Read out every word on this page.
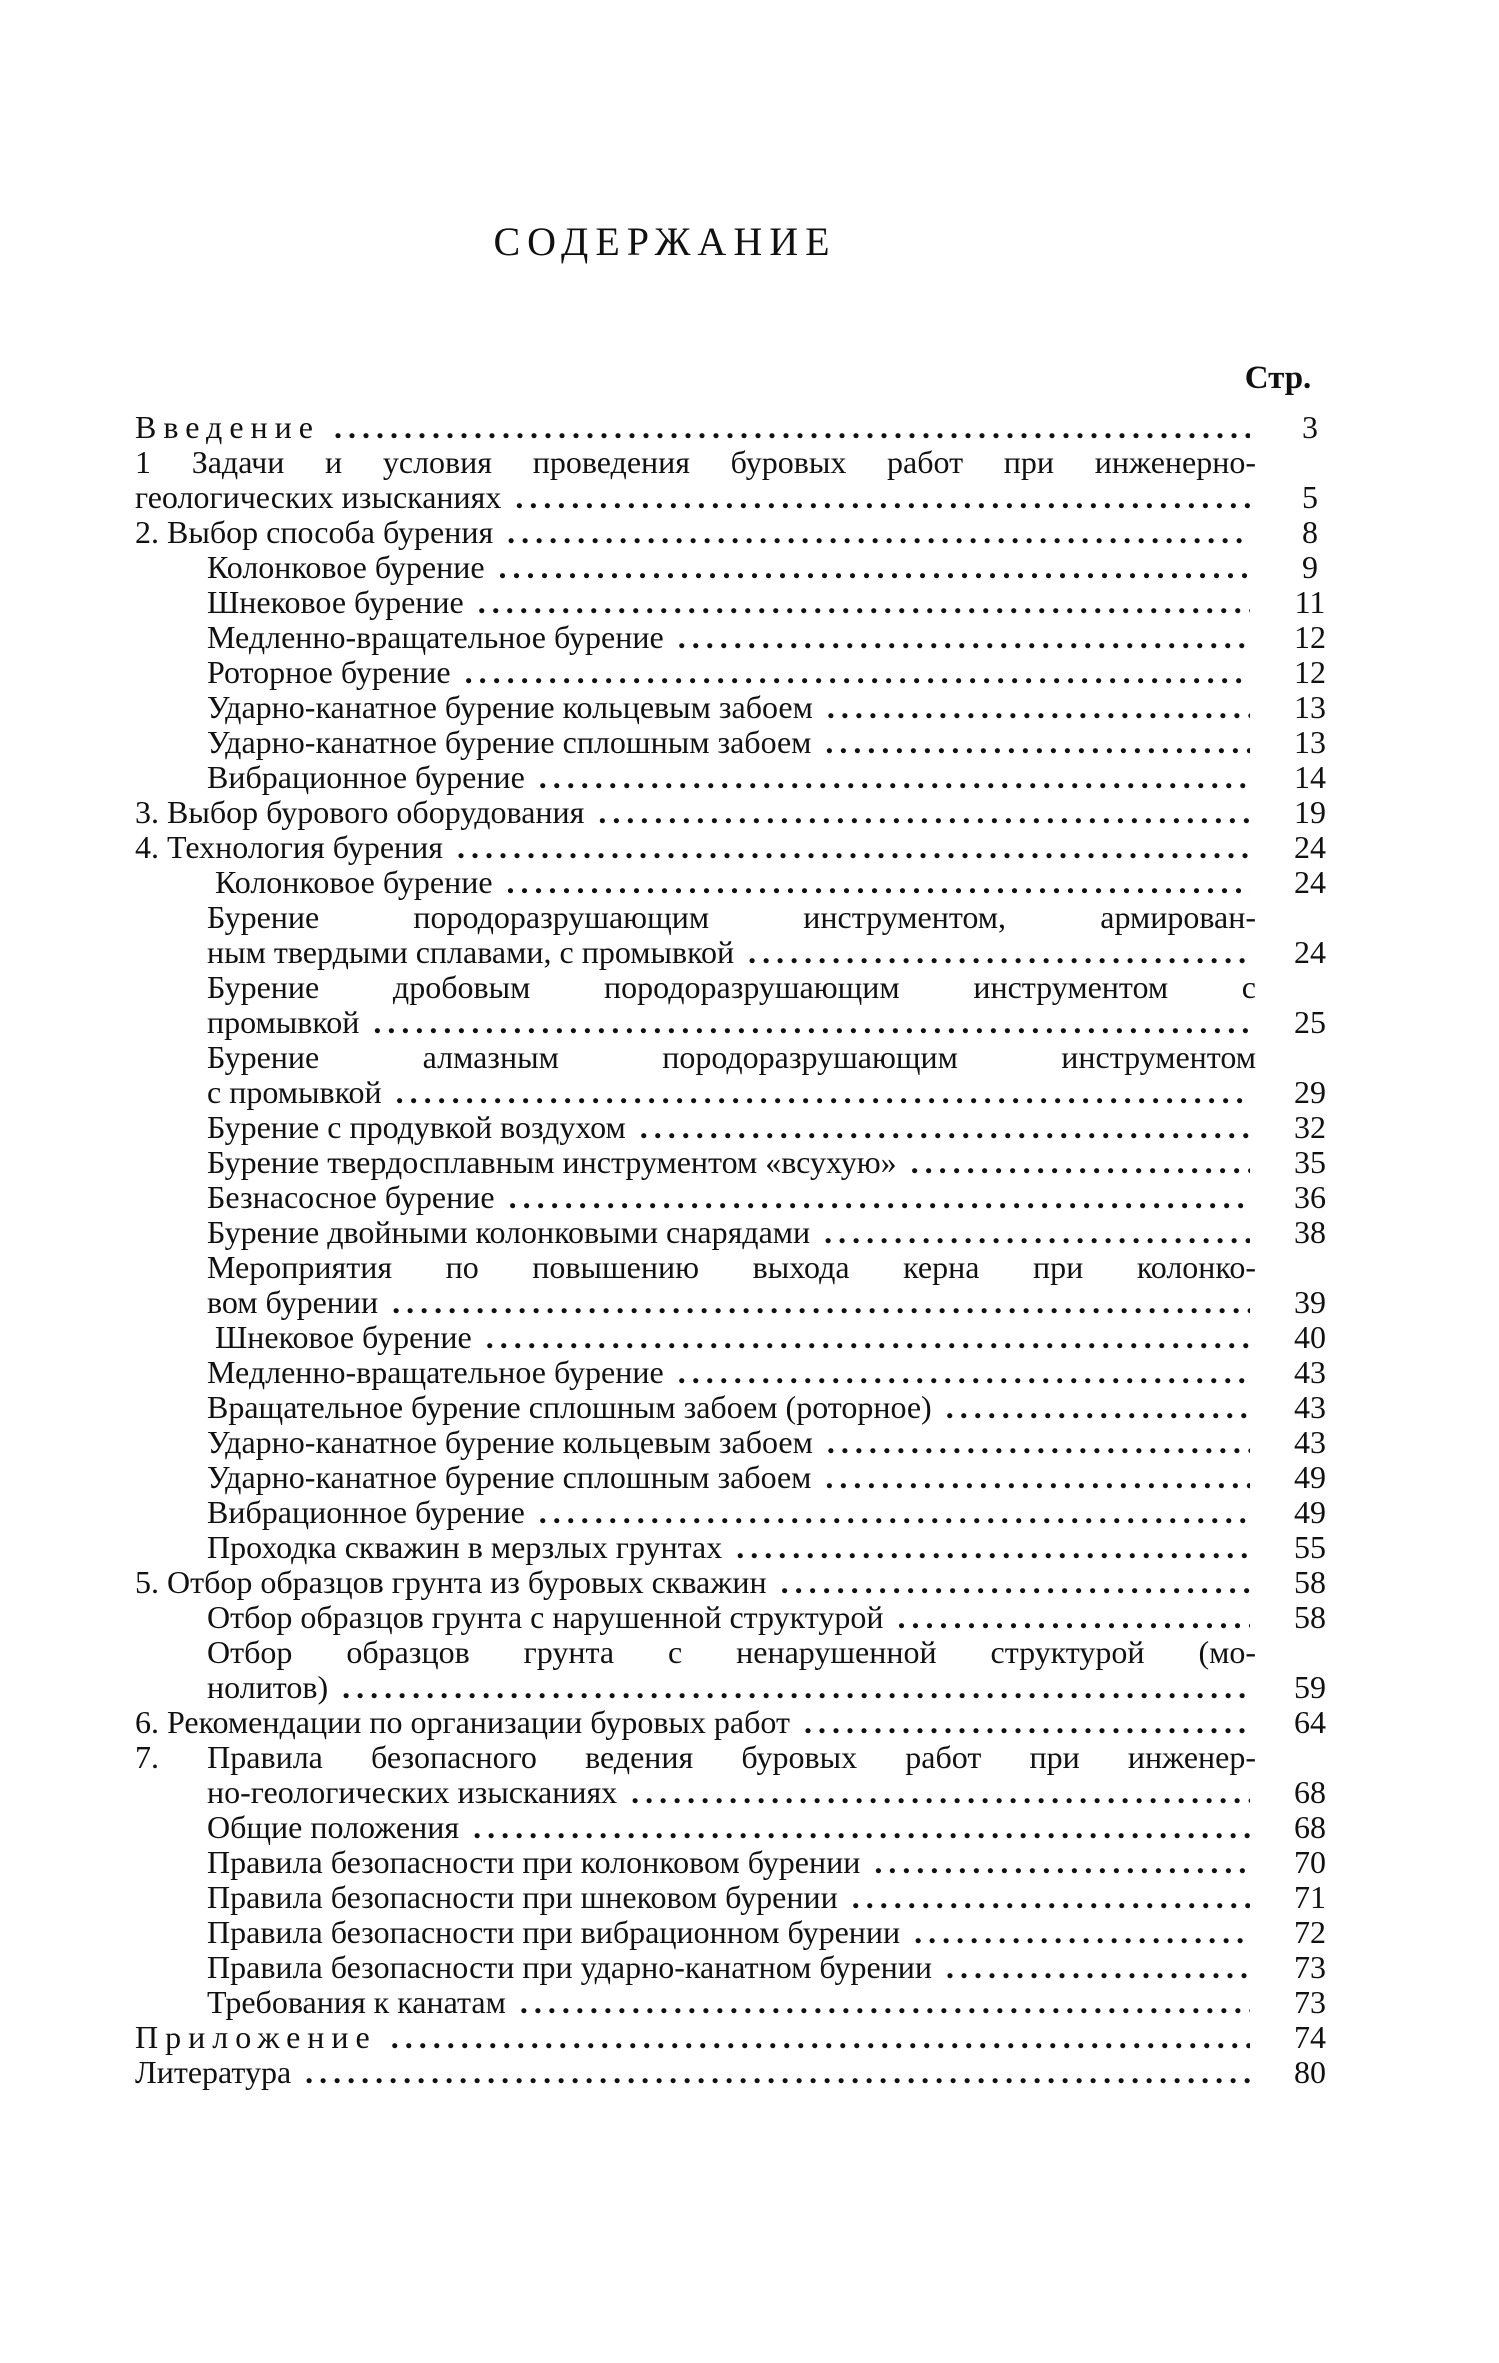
СОДЕРЖАНИЕ
Стр.
Введение .....	3
1 Задачи и условия проведения буровых работ при инженерно-
геологических изысканиях .....	5
2. Выбор способа бурения .....	8
Колонковое бурение .....	9
Шнековое бурение .....	11
Медленно-вращательное бурение .....	12
Роторное бурение .....	12
Ударно-канатное бурение кольцевым забоем .....	13
Ударно-канатное бурение сплошным забоем .....	13
Вибрационное бурение .....	14
3. Выбор бурового оборудования .....	19
4. Технология бурения .....	24
Колонковое бурение .....	24
Бурение породоразрушающим инструментом, армирован-
ным твердыми сплавами, с промывкой .....	24
Бурение дробовым породоразрушающим инструментом с
промывкой .....	25
Бурение алмазным породоразрушающим инструментом
с промывкой .....	29
Бурение с продувкой воздухом .....	32
Бурение твердосплавным инструментом «всухую» .....	35
Безнасосное бурение .....	36
Бурение двойными колонковыми снарядами .....	38
Мероприятия по повышению выхода керна при колонко-
вом бурении .....	39
Шнековое бурение .....	40
Медленно-вращательное бурение .....	43
Вращательное бурение сплошным забоем (роторное) .....	43
Ударно-канатное бурение кольцевым забоем .....	43
Ударно-канатное бурение сплошным забоем .....	49
Вибрационное бурение .....	49
Проходка скважин в мерзлых грунтах .....	55
5. Отбор образцов грунта из буровых скважин .....	58
Отбор образцов грунта с нарушенной структурой .....	58
Отбор образцов грунта с ненарушенной структурой (мо-
нолитов) .....	59
6. Рекомендации по организации буровых работ .....	64
7. Правила безопасного ведения буровых работ при инженер-
но-геологических изысканиях .....	68
Общие положения .....	68
Правила безопасности при колонковом бурении .....	70
Правила безопасности при шнековом бурении .....	71
Правила безопасности при вибрационном бурении .....	72
Правила безопасности при ударно-канатном бурении .....	73
Требования к канатам .....	73
Приложение .....	74
Литература .....	80
